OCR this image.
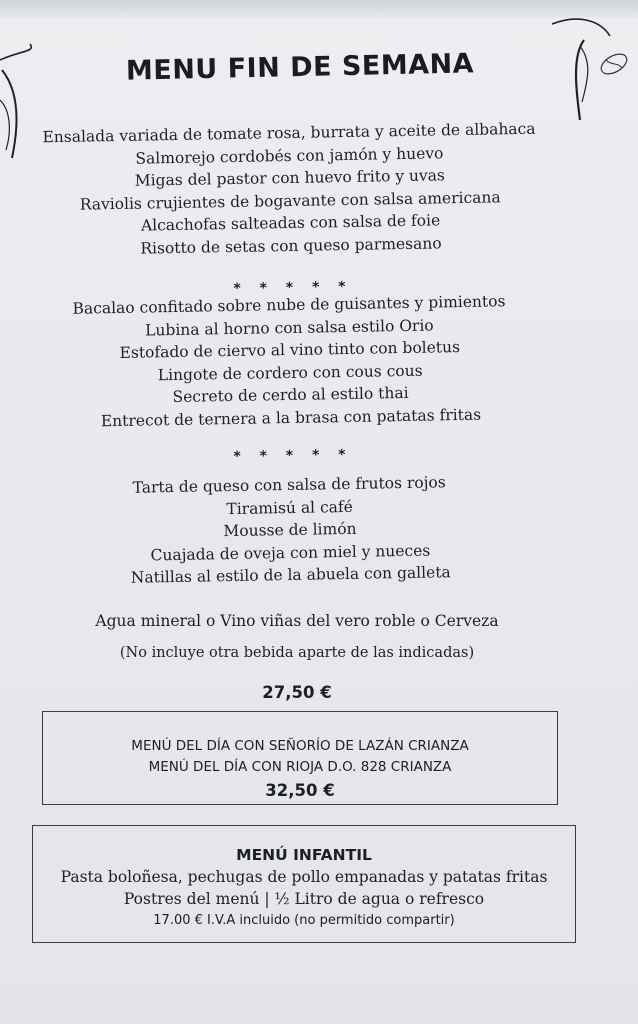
MENU FIN DE SEMANA
Ensalada variada de tomate rosa, burrata y aceite de albahaca
Salmorejo cordobés con jamón y huevo
Migas del pastor con huevo frito y uvas
Raviolis crujientes de bogavante con salsa americana
Alcachofas salteadas con salsa de foie
Risotto de setas con queso parmesano
* * * * *
Bacalao confitado sobre nube de guisantes y pimientos
Lubina al horno con salsa estilo Orio
Estofado de ciervo al vino tinto con boletus
Lingote de cordero con cous cous
Secreto de cerdo al estilo thai
Entrecot de ternera a la brasa con patatas fritas
* * * * *
Tarta de queso con salsa de frutos rojos
Tiramisú al café
Mousse de limón
Cuajada de oveja con miel y nueces
Natillas al estilo de la abuela con galleta
Agua mineral o Vino viñas del vero roble o Cerveza
(No incluye otra bebida aparte de las indicadas)
27,50 €
MENÚ DEL DÍA CON SEÑORÍO DE LAZÁN CRIANZA
MENÚ DEL DÍA CON RIOJA D.O. 828 CRIANZA
32,50 €
MENÚ INFANTIL
Pasta boloñesa, pechugas de pollo empanadas y patatas fritas
Postres del menú | ½ Litro de agua o refresco
17.00 € I.V.A incluido (no permitido compartir)
